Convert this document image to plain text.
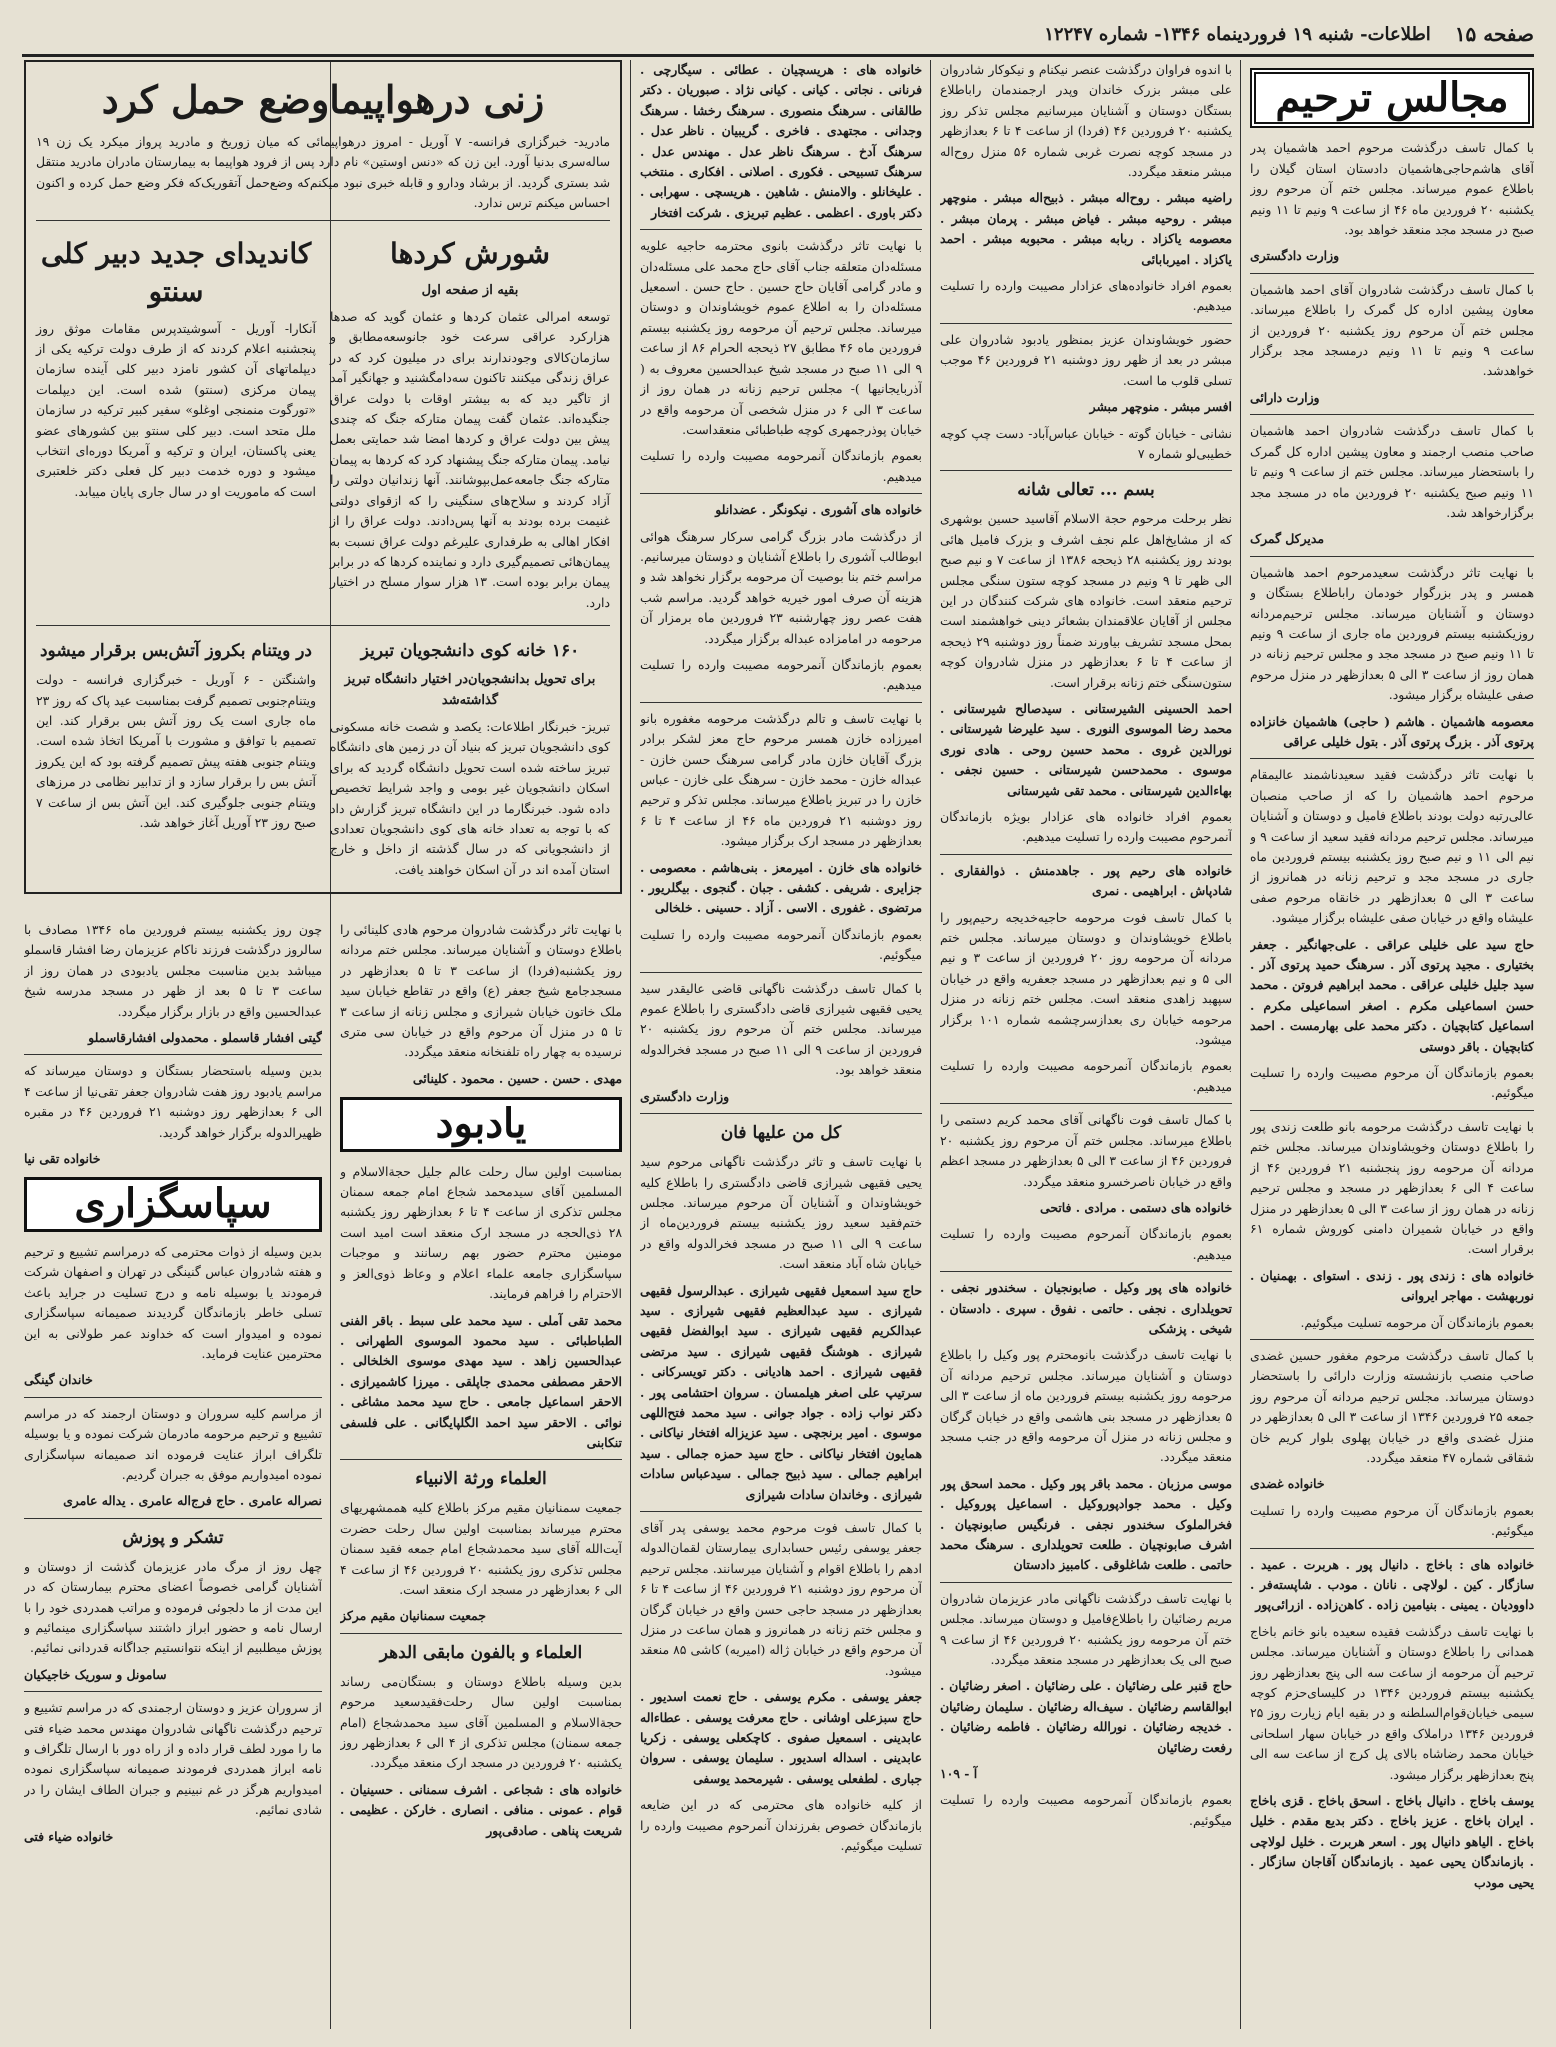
صفحه ۱۵
اطلاعات- شنبه ۱۹ فروردینماه ۱۳۴۶- شماره ۱۲۲۴۷
مجالس ترحیم

با کمال تاسف درگذشت مرحوم احمد هاشمیان پدر آقای هاشم‌حاجی‌هاشمیان دادستان استان گیلان را باطلاع عموم میرساند. مجلس ختم آن مرحوم روز یکشنبه ۲۰ فروردین ماه ۴۶ از ساعت ۹ ونیم تا ۱۱ ونیم صبح در مسجد مجد منعقد خواهد بود.

وزارت دادگستری

با کمال تاسف درگذشت شادروان آقای احمد هاشمیان معاون پیشین اداره کل گمرک را باطلاع میرساند. مجلس ختم آن مرحوم روز یکشنبه ۲۰ فروردین از ساعت ۹ ونیم تا ۱۱ ونیم درمسجد مجد برگزار خواهدشد.

وزارت دارائی

با کمال تاسف درگذشت شادروان احمد هاشمیان صاحب منصب ارجمند و معاون پیشین اداره کل گمرک را باستحضار میرساند. مجلس ختم از ساعت ۹ ونیم تا ۱۱ ونیم صبح یکشنبه ۲۰ فروردین ماه در مسجد مجد برگزارخواهد شد.

مدیرکل گمرک

با نهایت تاثر درگذشت سعیدمرحوم احمد هاشمیان همسر و پدر بزرگوار خودمان راباطلاع بستگان و دوستان و آشنایان میرساند. مجلس ترحیم‌مردانه روزیکشنبه بیستم فروردین ماه جاری از ساعت ۹ ونیم تا ۱۱ ونیم صبح در مسجد مجد و مجلس ترحیم زنانه در همان روز از ساعت ۳ الی ۵ بعدازظهر در منزل مرحوم صفی علیشاه برگزار میشود.

معصومه هاشمیان . هاشم ( حاجی) هاشمیان خانزاده پرتوی آذر . بزرگ پرتوی آذر . بتول خلیلی عراقی

با نهایت تاثر درگذشت فقید سعیدناشمند عالیمقام مرحوم احمد هاشمیان را که از صاحب منصبان عالی‌رتبه دولت بودند باطلاع فامیل و دوستان و آشنایان میرساند. مجلس ترحیم مردانه فقید سعید از ساعت ۹ و نیم الی ۱۱ و نیم صبح روز یکشنبه بیستم فروردین ماه جاری در مسجد مجد و ترحیم زنانه در همانروز از ساعت ۳ الی ۵ بعدازظهر در خانقاه مرحوم صفی علیشاه واقع در خیابان صفی علیشاه برگزار میشود.

حاج سید علی خلیلی عراقی . علی‌جهانگیر . جعفر بختیاری . مجید پرتوی آذر . سرهنگ حمید پرتوی آذر . سید جلیل خلیلی عراقی . محمد ابراهیم فروتن . محمد حسن اسماعیلی مکرم . اصغر اسماعیلی مکرم . اسماعیل کتابچیان . دکتر محمد علی بهارمست . احمد کتابچیان . باقر دوستی

بعموم بازماندگان آن مرحوم مصیبت وارده را تسلیت میگوئیم.

با نهایت تاسف درگذشت مرحومه بانو طلعت زندی پور را باطلاع دوستان وخویشاوندان میرساند. مجلس ختم مردانه آن مرحومه روز پنجشنبه ۲۱ فروردین ۴۶ از ساعت ۴ الی ۶ بعدازظهر در مسجد و مجلس ترحیم زنانه در همان روز از ساعت ۳ الی ۵ بعدازظهر در منزل واقع در خیابان شمیران دامنی کوروش شماره ۶۱ برقرار است.

خانواده های : زندی پور . زندی . استوای . بهمنیان . نوربهشت . مهاجر ایروانی

بعموم بازماندگان آن مرحومه تسلیت میگوئیم.

با کمال تاسف درگذشت مرحوم مغفور حسین غضدی صاحب منصب بازنشسته وزارت دارائی را باستحضار دوستان میرساند. مجلس ترحیم مردانه آن مرحوم روز جمعه ۲۵ فروردین ۱۳۴۶ از ساعت ۳ الی ۵ بعدازظهر در منزل غضدی واقع در خیابان پهلوی بلوار کریم خان شقاقی شماره ۴۷ منعقد میگردد.

خانواده غضدی

بعموم بازماندگان آن مرحوم مصیبت وارده را تسلیت میگوئیم.

خانواده های : باخاج . دانیال پور . هربرت . عمید . سازگار . کین . لولاچی . نانان . مودب . شاپسته‌فر . داوودیان . یمینی . بنیامین زاده . کاهن‌زاده . ازرائی‌پور

با نهایت تاسف درگذشت فقیده سعیده بانو خانم باخاج همدانی را باطلاع دوستان و آشنایان میرساند. مجلس ترحیم آن مرحومه از ساعت سه الی پنج بعدازظهر روز یکشنبه بیستم فروردین ۱۳۴۶ در کلیسای‌حزم کوچه سیمی خیابان‌قوام‌السلطنه و در بقیه ایام زیارت روز ۲۵ فروردین ۱۳۴۶ دراملاک واقع در خیابان سهار اسلحانی خیابان محمد رضاشاه بالای پل کرج از ساعت سه الی پنج بعدازظهر برگزار میشود.

یوسف باخاج . دانیال باخاج . اسحق باخاج . قزی باخاج . ایران باخاج . عزیز باخاج . دکتر بدیع مقدم . خلیل باخاج . الیاهو دانیال پور . اسعر هربرت . خلیل لولاچی . بازماندگان یحیی عمید . بازماندگان آقاجان سازگار . یحیی مودب

با اندوه فراوان درگذشت عنصر نیکنام و نیکوکار شادروان علی مبشر بزرک خاندان وپدر ارجمندمان راباطلاع بستگان دوستان و آشنایان میرسانیم مجلس تذکر روز یکشنبه ۲۰ فروردین ۴۶ (فردا) از ساعت ۴ تا ۶ بعدازظهر در مسجد کوچه نصرت غربی شماره ۵۶ منزل روح‌اله مبشر منعقد میگردد.

راضیه مبشر . روح‌اله مبشر . ذبیح‌اله مبشر . منوچهر مبشر . روحیه مبشر . فیاض مبشر . پرمان مبشر . معصومه یاکزاد . ربابه مبشر . محبوبه مبشر . احمد یاکزاد . امیربابائی

بعموم افراد خانواده‌های عزادار مصیبت وارده را تسلیت میدهیم.

حضور خویشاوندان عزیز بمنظور یادبود شادروان علی مبشر در بعد از ظهر روز دوشنبه ۲۱ فروردین ۴۶ موجب تسلی قلوب ما است.

افسر مبشر . منوچهر مبشر

نشانی - خیابان گوته - خیابان عباس‌آباد- دست چپ کوچه خطیبی‌لو شماره ۷

بسم ... تعالی شانه

نظر برحلت مرحوم حجة الاسلام آقاسید حسین بوشهری که از مشایخ‌اهل علم نجف اشرف و بزرک فامیل هائی بودند روز یکشنبه ۲۸ ذیحجه ۱۳۸۶ از ساعت ۷ و نیم صبح الی ظهر تا ۹ ونیم در مسجد کوچه ستون سنگی مجلس ترحیم منعقد است. خانواده های شرکت کنندگان در این مجلس از آقایان علاقمندان بشعائر دینی خواهشمند است بمحل مسجد تشریف بیاورند ضمناً روز دوشنبه ۲۹ ذیحجه از ساعت ۴ تا ۶ بعدازظهر در منزل شادروان کوچه ستون‌سنگی ختم زنانه برقرار است.

احمد الحسینی الشیرستانی . سیدصالح شیرستانی . محمد رضا الموسوی النوری . سید علیرضا شیرستانی . نورالدین غروی . محمد حسین روحی . هادی نوری موسوی . محمدحسن شیرستانی . حسین نجفی . بهاءالدین شیرستانی . محمد تقی شیرستانی

بعموم افراد خانواده های عزادار بویژه بازماندگان آنمرحوم مصیبت وارده را تسلیت میدهیم.

خانواده های رحیم پور . جاهدمنش . ذوالفقاری . شادپاش . ابراهیمی . نمری

با کمال تاسف فوت مرحومه حاجیه‌خدیجه رحیم‌پور را باطلاع خویشاوندان و دوستان میرساند. مجلس ختم مردانه آن مرحومه روز ۲۰ فروردین از ساعت ۳ و نیم الی ۵ و نیم بعدازظهر در مسجد جعفریه واقع در خیابان سپهبد زاهدی منعقد است. مجلس ختم زنانه در منزل مرحومه خیابان ری بعدازسرچشمه شماره ۱۰۱ برگزار میشود.

بعموم بازماندگان آنمرحومه مصیبت وارده را تسلیت میدهیم.

با کمال تاسف فوت ناگهانی آقای محمد کریم دستمی را باطلاع میرساند. مجلس ختم آن مرحوم روز یکشنبه ۲۰ فروردین ۴۶ از ساعت ۳ الی ۵ بعدازظهر در مسجد اعظم واقع در خیابان ناصرخسرو منعقد میگردد.

خانواده های دستمی . مرادی . فاتحی

بعموم بازماندگان آنمرحوم مصیبت وارده را تسلیت میدهیم.

خانواده های پور وکیل . صابونجیان . سخندور نجفی . تحویلداری . نجفی . حاتمی . نفوق . سپری . دادستان . شیخی . پزشکی

با نهایت تاسف درگذشت بانومحترم پور وکیل را باطلاع دوستان و آشنایان میرساند. مجلس ترحیم مردانه آن مرحومه روز یکشنبه بیستم فروردین ماه از ساعت ۳ الی ۵ بعدازظهر در مسجد بنی هاشمی واقع در خیابان گرگان و مجلس زنانه در منزل آن مرحومه واقع در جنب مسجد منعقد میگردد.

موسی مرزبان . محمد باقر پور وکیل . محمد اسحق پور وکیل . محمد جواد‌پوروکیل . اسماعیل پوروکیل . فخرالملوک سخندور نجفی . فرنگیس صابونچیان . اشرف صابونچیان . طلعت تحویلداری . سرهنگ محمد حاتمی . طلعت شاغلوقی . کامبیز دادستان

با نهایت تاسف درگذشت ناگهانی مادر عزیزمان شادروان مریم رضائیان را باطلاع‌فامیل و دوستان میرساند. مجلس ختم آن مرحومه روز یکشنبه ۲۰ فروردین ۴۶ از ساعت ۹ صبح الی یک بعدازظهر در مسجد منعقد میگردد.

حاج قنبر علی رضائیان . علی رضائیان . اصغر رضائیان . ابوالقاسم رضائیان . سیف‌اله رضائیان . سلیمان رضائیان . خدیجه رضائیان . نورالله رضائیان . فاطمه رضائیان . رفعت رضائیان

آ - ۱۰۹

بعموم بازماندگان آنمرحومه مصیبت وارده را تسلیت میگوئیم.

خانواده های : هریسچیان . عطائی . سیگارچی . فرنانی . نجاتی . کیانی . کیانی نژاد . صبوریان . دکتر طالقانی . سرهنگ منصوری . سرهنگ رخشا . سرهنگ وجدانی . مجتهدی . فاخری . گریبیان . ناظر عدل . سرهنگ آدخ . سرهنگ ناظر عدل . مهندس عدل . سرهنگ تسبیحی . فکوری . اصلانی . افکاری . منتخب . علیخانلو . والامنش . شاهین . هریسچی . سهرابی . دکتر باوری . اعظمی . عظیم تبریزی . شرکت افتخار

با نهایت تاثر درگذشت بانوی محترمه حاجیه علویه مسئله‌دان متعلقه جناب آقای حاج محمد علی مسئله‌دان و مادر گرامی آقایان حاج حسین . حاج حسن . اسمعیل مسئله‌دان را به اطلاع عموم خویشاوندان و دوستان میرساند. مجلس ترحیم آن مرحومه روز یکشنبه بیستم فروردین ماه ۴۶ مطابق ۲۷ ذیحجه الحرام ۸۶ از ساعت ۹ الی ۱۱ صبح در مسجد شیخ عبدالحسین معروف به ( آذربایجانیها )- مجلس ترحیم زنانه در همان روز از ساعت ۳ الی ۶ در منزل شخصی آن مرحومه واقع در خیابان پوذرجمهری کوچه طباطبائی منعقداست.

بعموم بازماندگان آنمرحومه مصیبت وارده را تسلیت میدهیم.

خانواده های آشوری . نیکونگر . عضدانلو

از درگذشت مادر بزرگ گرامی سرکار سرهنگ هوائی ابوطالب آشوری را باطلاع آشنایان و دوستان میرسانیم. مراسم ختم بنا بوصیت آن مرحومه برگزار نخواهد شد و هزینه آن صرف امور خیریه خواهد گردید. مراسم شب هفت عصر روز چهارشنبه ۲۳ فروردین ماه برمزار آن مرحومه در امامزاده عبداله برگزار میگردد.

بعموم بازماندگان آنمرحومه مصیبت وارده را تسلیت میدهیم.

با نهایت تاسف و تالم درگذشت مرحومه مغفوره بانو امیرزاده خازن همسر مرحوم حاج معز لشکر برادر بزرگ آقایان خازن مادر گرامی سرهنگ حسن خازن - عبداله خازن - محمد خازن - سرهنگ علی خازن - عباس خازن را در تبریز باطلاع میرساند. مجلس تذکر و ترحیم روز دوشنبه ۲۱ فروردین ماه ۴۶ از ساعت ۴ تا ۶ بعدازظهر در مسجد ارک برگزار میشود.

خانواده های خازن . امیرمعز . بنی‌هاشم . معصومی . جزایری . شریفی . کشفی . جبان . گنجوی . بیگلریور . مرتضوی . غفوری . الاسی . آزاد . حسینی . خلخالی

بعموم بازماندگان آنمرحومه مصیبت وارده را تسلیت میگوئیم.

با کمال تاسف درگذشت ناگهانی قاضی عالیقدر سید یحیی فقیهی شیرازی قاضی دادگستری را باطلاع عموم میرساند. مجلس ختم آن مرحوم روز یکشنبه ۲۰ فروردین از ساعت ۹ الی ۱۱ صبح در مسجد فخرالدوله منعقد خواهد بود.

وزارت دادگستری

کل من علیها فان

با نهایت تاسف و تاثر درگذشت ناگهانی مرحوم سید یحیی فقیهی شیرازی قاضی دادگستری را باطلاع کلیه خویشاوندان و آشنایان آن مرحوم میرساند. مجلس ختم‌فقید سعید روز یکشنبه بیستم فروردین‌ماه از ساعت ۹ الی ۱۱ صبح در مسجد فخرالدوله واقع در خیابان شاه آباد منعقد است.

حاج سید اسمعیل فقیهی شیرازی . عبدالرسول فقیهی شیرازی . سید عبدالعظیم فقیهی شیرازی . سید عبدالکریم فقیهی شیرازی . سید ابوالفضل فقیهی شیرازی . هوشنگ فقیهی شیرازی . سید مرتضی فقیهی شیرازی . احمد هادیانی . دکتر تویسرکانی . سرتیپ علی اصغر هیلمسان . سروان احتشامی پور . دکتر نواب زاده . جواد جوانی . سید محمد فتح‌اللهی موسوی . امیر برنجچی . سید عزیزاله افتخار نیاکانی . همایون افتخار نیاکانی . حاج سید حمزه جمالی . سید ابراهیم جمالی . سید ذبیح جمالی . سیدعباس سادات شیرازی . وخاندان سادات شیرازی

با کمال تاسف فوت مرحوم محمد یوسفی پدر آقای جعفر یوسفی رئیس حسابداری بیمارستان لقمان‌الدوله ادهم را باطلاع اقوام و آشنایان میرسانند. مجلس ترحیم آن مرحوم روز دوشنبه ۲۱ فروردین ۴۶ از ساعت ۴ تا ۶ بعدازظهر در مسجد حاجی حسن واقع در خیابان گرگان و مجلس ختم زنانه در همانروز و همان ساعت در منزل آن مرحوم واقع در خیابان ژاله (امیریه) کاشی ۸۵ منعقد میشود.

جعفر یوسفی . مکرم یوسفی . حاج نعمت اسدیور . حاج سبزعلی اوشانی . حاج معرفت یوسفی . عطاءاله عابدینی . اسمعیل صفوی . کاچکعلی یوسفی . زکریا عابدینی . اسداله اسدیور . سلیمان یوسفی . سروان جباری . لطفعلی یوسفی . شیرمحمد یوسفی

از کلیه خانواده های محترمی که در این ضایعه بازماندگان خصوص بفرزندان آنمرحوم مصیبت وارده را تسلیت میگوئیم.

زنی درهواپیماوضع حمل کرد

مادرید- خبرگزاری فرانسه- ۷ آوریل - امروز درهواپیمائی که میان زوریخ و مادرید پرواز میکرد یک زن ۱۹ ساله‌سری بدنیا آورد. این زن که «دنس اوستین» نام دارد پس از فرود هواپیما به بیمارستان مادران مادرید منتقل شد بستری گردید. از برشاد ودارو و قابله خبری نبود میکنم‌که وضع‌حمل آتقوریک‌که فکر وضع حمل کرده و اکنون احساس میکنم ترس ندارد.

شورش کردها

بقیه از صفحه اول

توسعه امرالی عثمان کرد‌ها و عثمان گوید که صدها هزارکرد عراقی سرعت خود جانوسعه‌مطابق و سازمان‌کالای وجودندارند برای در میلیون کرد که در عراق زندگی میکنند تاکنون سه‌دامگشنید و جهانگیر آمد از تاگیر دید که به بیشتر اوقات با دولت عراق جنگیده‌اند. عثمان گفت پیمان متارکه جنگ که چندی پیش بین دولت عراق و کردها امضا شد حمایتی بعمل نیامد. پیمان متارکه جنگ پیشنهاد کرد که کردها به پیمان متارکه جنگ جامعه‌عمل‌بپوشانند. آنها زندانیان دولتی را آزاد کردند و سلاح‌های سنگینی را که ازقوای دولتی غنیمت برده بودند به آنها پس‌دادند. دولت عراق را از افکار اهالی به طرفداری علیرغم دولت عراق نسبت به پیمان‌هائی تصمیم‌گیری دارد و نماینده کردها که در برابر پیمان برابر بوده است. ۱۳ هزار سوار مسلح در اختیار دارد.

کاندیدای جدید دبیر کلی سنتو

آنکارا- آوریل - آسوشیتدپرس مقامات موثق روز پنجشنبه اعلام کردند که از طرف دولت ترکیه یکی از دیپلماتهای آن کشور نامزد دبیر کلی آینده سازمان پیمان مرکزی (سنتو) شده است. این دیپلمات «تورگوت منمنجی اوغلو» سفیر کبیر ترکیه در سازمان ملل متحد است. دبیر کلی سنتو بین کشورهای عضو یعنی پاکستان، ایران و ترکیه و آمریکا دوره‌ای انتخاب میشود و دوره خدمت دبیر کل فعلی دکتر خلعتبری است که ماموریت او در سال جاری پایان مییابد.

۱۶۰ خانه کوی دانشجویان تبریز

برای تحویل بدانشجویان‌در اختیار دانشگاه‌ تبریز گذاشته‌شد

تبریز- خبرنگار اطلاعات: یکصد و شصت خانه مسکونی کوی دانشجویان تبریز که بنیاد آن در زمین های دانشگاه تبریز ساخته شده است تحویل دانشگاه گردید که برای اسکان دانشجویان غیر بومی و واجد شرایط تخصیص داده شود. خبرنگارما در این دانشگاه تبریز گزارش داد که با توجه به تعداد خانه های کوی دانشجویان تعدادی از دانشجویانی که در سال گذشته از داخل و خارج استان آمده اند در آن اسکان خواهند یافت.

در ویتنام بکروز آتش‌بس برقرار میشود

واشنگتن - ۶ آوریل - خبرگزاری فرانسه - دولت ویتنام‌جنوبی تصمیم گرفت بمناسبت عید پاک که روز ۲۳ ماه جاری است یک روز آتش بس برقرار کند. این تصمیم با توافق و مشورت با آمریکا اتخاذ شده است. ویتنام جنوبی هفته پیش تصمیم گرفته بود که این یکروز آتش بس را برقرار سازد و از تدابیر نظامی در مرزهای ویتنام جنوبی جلوگیری کند. این آتش بس از ساعت ۷ صبح روز ۲۳ آوریل آغاز خواهد شد.

با نهایت تاثر درگذشت شادروان مرحوم هادی کلینائی را باطلاع دوستان و آشنایان میرساند. مجلس ختم مردانه روز یکشنبه(فردا) از ساعت ۳ تا ۵ بعدازظهر در مسجدجامع شیخ جعفر (ع) واقع در تقاطع خیابان سید ملک خاتون خیابان شیرازی و مجلس زنانه از ساعت ۳ تا ۵ در منزل آن مرحوم واقع در خیابان سی متری نرسیده به چهار راه تلفنخانه منعقد میگردد.

مهدی . حسن . حسین . محمود . کلینائی

یادبود

بمناسبت اولین سال رحلت عالم جلیل حجةالاسلام و المسلمین آقای سیدمحمد شجاع امام جمعه سمنان مجلس تذکری از ساعت ۴ تا ۶ بعدازظهر روز یکشنبه ۲۸ ذی‌الحجه در مسجد ارک منعقد است امید است مومنین محترم حضور بهم رسانند و موجبات سپاسگزاری جامعه علماء اعلام و وعاظ ذوی‌العز و الاحترام را فراهم فرمایند.

محمد تقی آملی . سید محمد علی سبط . باقر الفنی الطباطبائی . سید محمود الموسوی الطهرانی . عبدالحسین زاهد . سید مهدی موسوی الخلخالی . الاحقر مصطفی محمدی جاپلقی . میرزا کاشمیرازی . الاحقر اسماعیل جامعی . حاج سید محمد مشاغی . نوائی . الاحقر سید احمد الگلپایگانی . علی فلسفی تنکابنی

العلماء ورثة الانبیاء

جمعیت سمنانیان مقیم مرکز باطلاع کلیه هممشهریهای محترم میرساند بمناسبت اولین سال رحلت حضرت آیت‌الله آقای سید محمدشجاع امام جمعه فقید سمنان مجلس تذکری روز یکشنبه ۲۰ فروردین ۴۶ از ساعت ۴ الی ۶ بعدازظهر در مسجد ارک منعقد است.

جمعیت سمنانیان مقیم مرکز

العلماء و بالفون مابقی الدهر

بدین وسیله باطلاع دوستان و بستگان‌می رساند بمناسبت اولین سال رحلت‌فقیدسعید مرحوم حجةالاسلام و المسلمین آقای سید محمدشجاع (امام جمعه سمنان) مجلس تذکری از ۴ الی ۶ بعدازظهر روز یکشنبه ۲۰ فروردین در مسجد ارک منعقد میگردد.

خانواده های : شجاعی . اشرف سمنانی . حسینیان . قوام . عمونی . منافی . انصاری . خارکن . عظیمی . شریعت پناهی . صادقی‌پور

چون روز یکشنبه بیستم فروردین ماه ۱۳۴۶ مصادف با سالروز درگذشت فرزند ناکام عزیزمان رضا افشار قاسملو میباشد بدین مناسبت مجلس یادبودی در همان روز از ساعت ۳ تا ۵ بعد از ظهر در مسجد مدرسه شیخ عبدالحسین واقع در بازار برگزار میگردد.

گیتی افشار قاسملو . محمدولی افشارقاسملو

بدین وسیله باستحضار بستگان و دوستان میرساند که مراسم یادبود روز هفت شادروان جعفر تقی‌نیا از ساعت ۴ الی ۶ بعدازظهر روز دوشنبه ۲۱ فروردین ۴۶ در مقبره ظهیرالدوله برگزار خواهد گردید.

خانواده تقی نیا

سپاسگزاری

بدین وسیله از ذوات محترمی که درمراسم تشییع و ترحیم و هفته شادروان عباس گنینگی در تهران و اصفهان شرکت فرمودند یا بوسیله نامه و درج تسلیت در جراید باعث تسلی خاطر بازماندگان گردیدند صمیمانه سپاسگزاری نموده و امیدوار است که خداوند عمر طولانی به این محترمین عنایت فرماید.

خاندان گینگی

از مراسم کلیه سروران و دوستان ارجمند که در مراسم تشییع و ترحیم مرحومه مادرمان شرکت نموده و یا بوسیله تلگراف ابراز عنایت فرموده اند صمیمانه سپاسگزاری نموده امیدواریم موفق به جبران گردیم.

نصراله عامری . حاج فرج‌اله عامری . یداله عامری

تشکر و پوزش

چهل روز از مرگ مادر عزیزمان گذشت از دوستان و آشنایان گرامی خصوصاً اعضای محترم بیمارستان که در این مدت از ما دلجوئی فرموده و مراتب همدردی خود را با ارسال نامه و حضور ابراز داشتند سپاسگزاری مینمائیم و پوزش میطلبیم از اینکه نتوانستیم جداگانه قدردانی نمائیم.

سامونل و سوریک خاجیکیان

از سروران عزیز و دوستان ارجمندی که در مراسم تشییع و ترحیم درگذشت ناگهانی شادروان مهندس محمد ضیاء فتی ما را مورد لطف قرار داده و از راه دور با ارسال تلگراف و نامه ابراز همدردی فرمودند صمیمانه سپاسگزاری نموده امیدواریم هرگز در غم نبینیم و جبران الطاف ایشان را در شادی نمائیم.

خانواده ضیاء فتی
